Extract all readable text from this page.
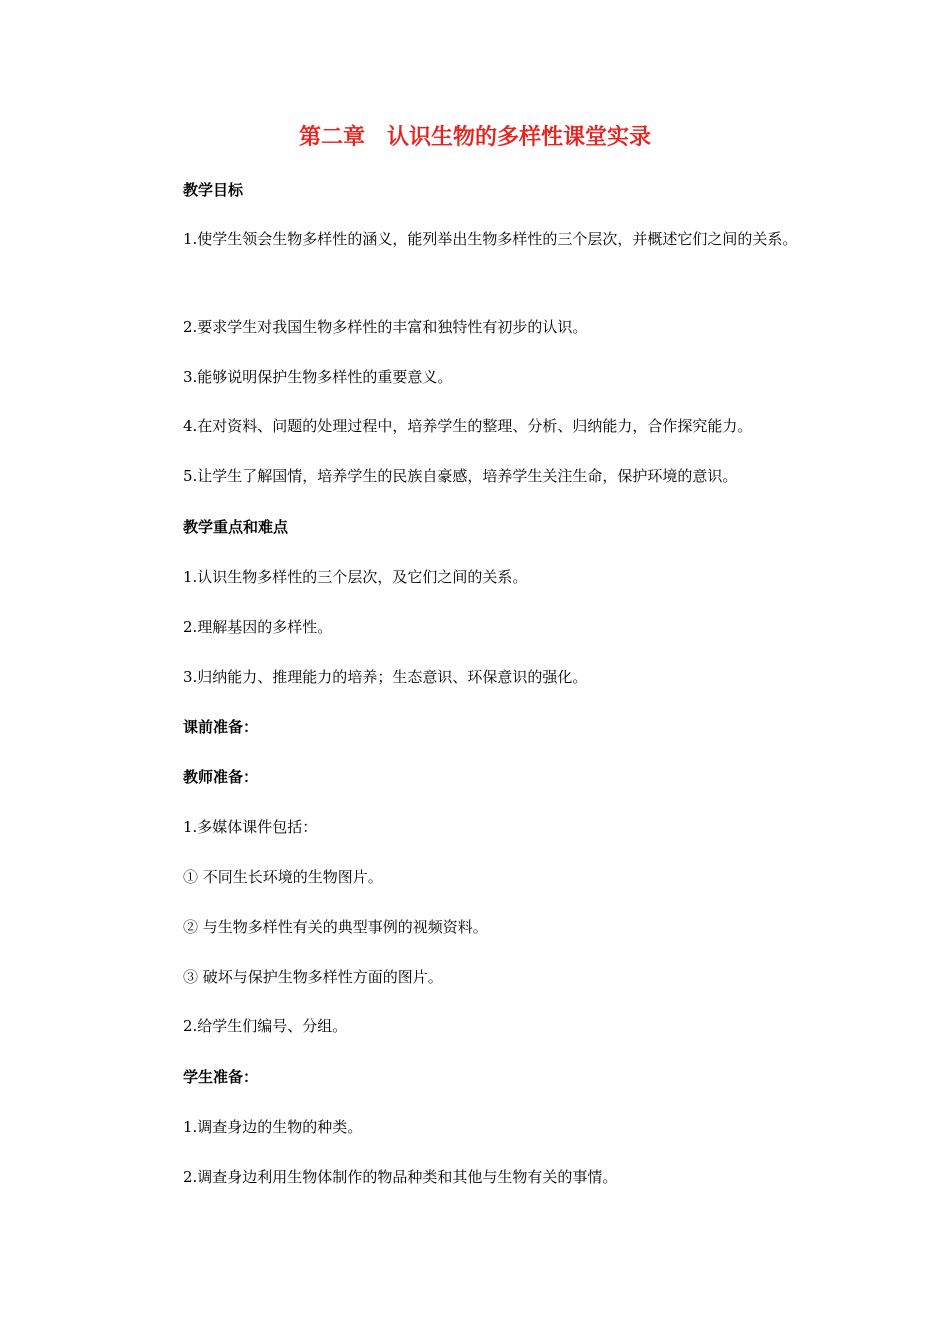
第二章　认识生物的多样性课堂实录
教学目标
1.使学生领会生物多样性的涵义，能列举出生物多样性的三个层次，并概述它们之间的关系。
2.要求学生对我国生物多样性的丰富和独特性有初步的认识。
3.能够说明保护生物多样性的重要意义。
4.在对资料、问题的处理过程中，培养学生的整理、分析、归纳能力，合作探究能力。
5.让学生了解国情，培养学生的民族自豪感，培养学生关注生命，保护环境的意识。
教学重点和难点
1.认识生物多样性的三个层次，及它们之间的关系。
2.理解基因的多样性。
3.归纳能力、推理能力的培养；生态意识、环保意识的强化。
课前准备：
教师准备：
1.多媒体课件包括：
① 不同生长环境的生物图片。
② 与生物多样性有关的典型事例的视频资料。
③ 破坏与保护生物多样性方面的图片。
2.给学生们编号、分组。
学生准备：
1.调查身边的生物的种类。
2.调查身边利用生物体制作的物品种类和其他与生物有关的事情。
